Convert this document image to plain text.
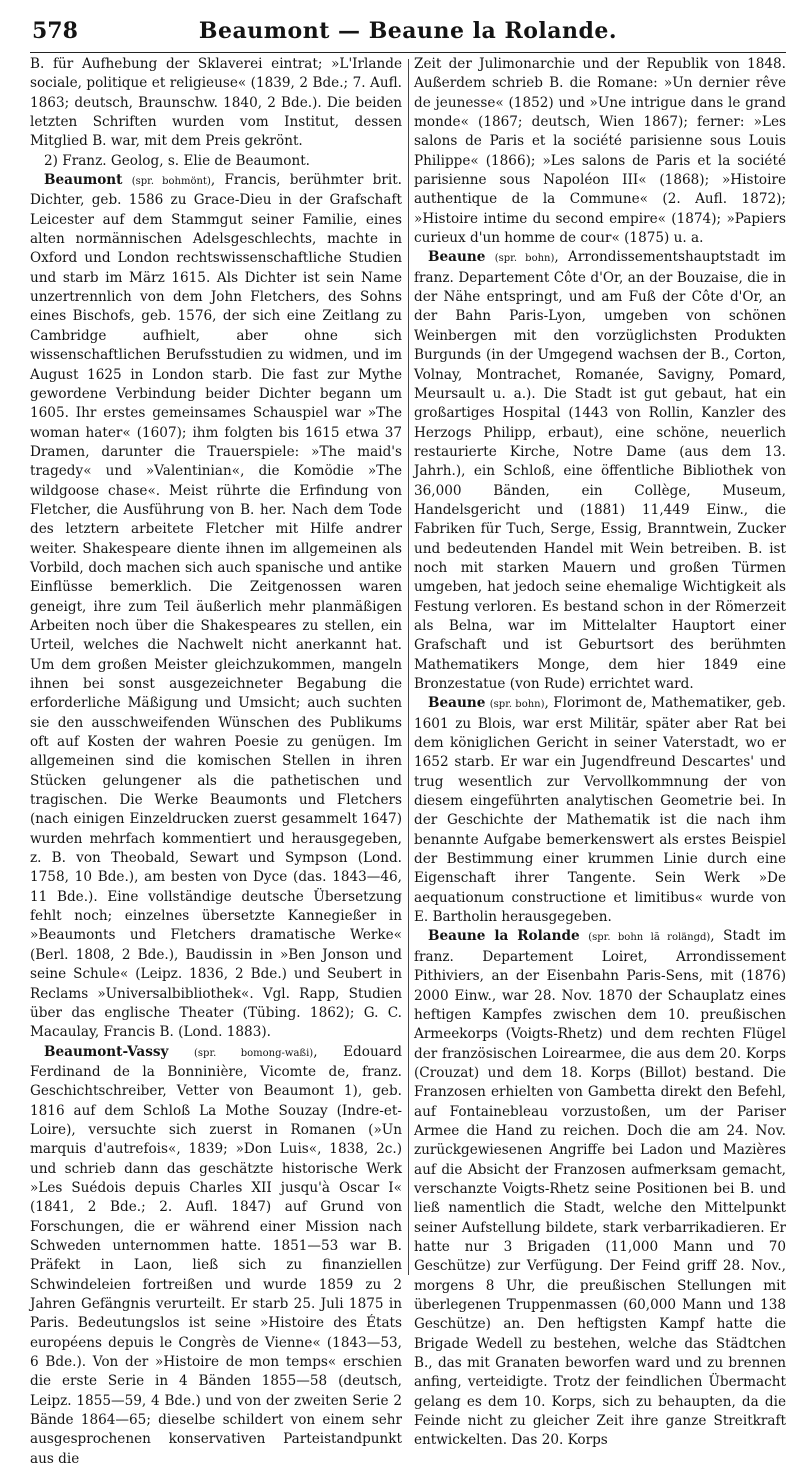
578	Beaumont — Beaune la Rolande.

B. für Aufhebung der Sklaverei eintrat; »L'Irlande sociale, politique et religieuse« (1839, 2 Bde.; 7. Aufl. 1863; deutsch, Braunschw. 1840, 2 Bde.). Die beiden letzten Schriften wurden vom Institut, dessen Mitglied B. war, mit dem Preis gekrönt.

2) Franz. Geolog, s. Elie de Beaumont.

Beaumont (spr. bohmönt), Francis, berühmter brit. Dichter, geb. 1586 zu Grace-Dieu in der Grafschaft Leicester auf dem Stammgut seiner Familie, eines alten normännischen Adelsgeschlechts, machte in Oxford und London rechtswissenschaftliche Studien und starb im März 1615. Als Dichter ist sein Name unzertrennlich von dem John Fletchers, des Sohns eines Bischofs, geb. 1576, der sich eine Zeitlang zu Cambridge aufhielt, aber ohne sich wissenschaftlichen Berufsstudien zu widmen, und im August 1625 in London starb. Die fast zur Mythe gewordene Verbindung beider Dichter begann um 1605. Ihr erstes gemeinsames Schauspiel war »The woman hater« (1607); ihm folgten bis 1615 etwa 37 Dramen, darunter die Trauerspiele: »The maid's tragedy« und »Valentinian«, die Komödie »The wildgoose chase«. Meist rührte die Erfindung von Fletcher, die Ausführung von B. her. Nach dem Tode des letztern arbeitete Fletcher mit Hilfe andrer weiter. Shakespeare diente ihnen im allgemeinen als Vorbild, doch machen sich auch spanische und antike Einflüsse bemerklich. Die Zeitgenossen waren geneigt, ihre zum Teil äußerlich mehr planmäßigen Arbeiten noch über die Shakespeares zu stellen, ein Urteil, welches die Nachwelt nicht anerkannt hat. Um dem großen Meister gleichzukommen, mangeln ihnen bei sonst ausgezeichneter Begabung die erforderliche Mäßigung und Umsicht; auch suchten sie den ausschweifenden Wünschen des Publikums oft auf Kosten der wahren Poesie zu genügen. Im allgemeinen sind die komischen Stellen in ihren Stücken gelungener als die pathetischen und tragischen. Die Werke Beaumonts und Fletchers (nach einigen Einzeldrucken zuerst gesammelt 1647) wurden mehrfach kommentiert und herausgegeben, z. B. von Theobald, Sewart und Sympson (Lond. 1758, 10 Bde.), am besten von Dyce (das. 1843—46, 11 Bde.). Eine vollständige deutsche Übersetzung fehlt noch; einzelnes übersetzte Kannegießer in »Beaumonts und Fletchers dramatische Werke« (Berl. 1808, 2 Bde.), Baudissin in »Ben Jonson und seine Schule« (Leipz. 1836, 2 Bde.) und Seubert in Reclams »Universalbibliothek«. Vgl. Rapp, Studien über das englische Theater (Tübing. 1862); G. C. Macaulay, Francis B. (Lond. 1883).

Beaumont-Vassy	(spr. bomong-waßi), Edouard Ferdinand de la Bonninière, Vicomte de, franz. Geschichtschreiber, Vetter von Beaumont 1), geb. 1816 auf dem Schloß La Mothe Souzay (Indre-et-Loire), versuchte sich zuerst in Romanen (»Un marquis d'autrefois«, 1839; »Don Luis«, 1838, 2c.) und schrieb dann das geschätzte historische Werk »Les Suédois depuis Charles XII jusqu'à Oscar I« (1841, 2 Bde.; 2. Aufl. 1847) auf Grund von Forschungen, die er während einer Mission nach Schweden unternommen hatte. 1851—53 war B. Präfekt in Laon, ließ sich zu finanziellen Schwindeleien fortreißen und wurde 1859 zu 2 Jahren Gefängnis verurteilt. Er starb 25. Juli 1875 in Paris. Bedeutungslos ist seine »Histoire des États européens depuis le Congrès de Vienne« (1843—53, 6 Bde.). Von der »Histoire de mon temps« erschien die erste Serie in 4 Bänden 1855—58 (deutsch, Leipz. 1855—59, 4 Bde.) und von der zweiten Serie 2 Bände 1864—65; dieselbe schildert von einem sehr ausgesprochenen konservativen Parteistandpunkt aus die

Zeit der Julimonarchie und der Republik von 1848. Außerdem schrieb B. die Romane: »Un dernier rêve de jeunesse« (1852) und »Une intrigue dans le grand monde« (1867; deutsch, Wien 1867); ferner: »Les salons de Paris et la société parisienne sous Louis Philippe« (1866); »Les salons de Paris et la société parisienne sous Napoléon III« (1868); »Histoire authentique de la Commune« (2. Aufl. 1872); »Histoire intime du second empire« (1874); »Papiers curieux d'un homme de cour« (1875) u. a.

Beaune (spr. bohn), Arrondissementshauptstadt im franz. Departement Côte d'Or, an der Bouzaise, die in der Nähe entspringt, und am Fuß der Côte d'Or, an der Bahn Paris-Lyon, umgeben von schönen Weinbergen mit den vorzüglichsten Produkten Burgunds (in der Umgegend wachsen der B., Corton, Volnay, Montrachet, Romanée, Savigny, Pomard, Meursault u. a.). Die Stadt ist gut gebaut, hat ein großartiges Hospital (1443 von Rollin, Kanzler des Herzogs Philipp, erbaut), eine schöne, neuerlich restaurierte Kirche, Notre Dame (aus dem 13. Jahrh.), ein Schloß, eine öffentliche Bibliothek von 36,000 Bänden, ein Collège, Museum, Handelsgericht und (1881) 11,449 Einw., die Fabriken für Tuch, Serge, Essig, Branntwein, Zucker und bedeutenden Handel mit Wein betreiben. B. ist noch mit starken Mauern und großen Türmen umgeben, hat jedoch seine ehemalige Wichtigkeit als Festung verloren. Es bestand schon in der Römerzeit als Belna, war im Mittelalter Hauptort einer Grafschaft und ist Geburtsort des berühmten Mathematikers Monge, dem hier 1849 eine Bronzestatue (von Rude) errichtet ward.

Beaune (spr. bohn), Florimont de, Mathematiker, geb. 1601 zu Blois, war erst Militär, später aber Rat bei dem königlichen Gericht in seiner Vaterstadt, wo er 1652 starb. Er war ein Jugendfreund Descartes' und trug wesentlich zur Vervollkommnung der von diesem eingeführten analytischen Geometrie bei. In der Geschichte der Mathematik ist die nach ihm benannte Aufgabe bemerkenswert als erstes Beispiel der Bestimmung einer krummen Linie durch eine Eigenschaft ihrer Tangente. Sein Werk »De aequationum constructione et limitibus« wurde von E. Bartholin herausgegeben.

Beaune la Rolande (spr. bohn lă rolängd), Stadt im franz. Departement Loiret, Arrondissement Pithiviers, an der Eisenbahn Paris-Sens, mit (1876) 2000 Einw., war 28. Nov. 1870 der Schauplatz eines heftigen Kampfes zwischen dem 10. preußischen Armeekorps (Voigts-Rhetz) und dem rechten Flügel der französischen Loirearmee, die aus dem 20. Korps (Crouzat) und dem 18. Korps (Billot) bestand. Die Franzosen erhielten von Gambetta direkt den Befehl, auf Fontainebleau vorzustoßen, um der Pariser Armee die Hand zu reichen. Doch die am 24. Nov. zurückgewiesenen Angriffe bei Ladon und Mazières auf die Absicht der Franzosen aufmerksam gemacht, verschanzte Voigts-Rhetz seine Positionen bei B. und ließ namentlich die Stadt, welche den Mittelpunkt seiner Aufstellung bildete, stark verbarrikadieren. Er hatte nur 3 Brigaden (11,000 Mann und 70 Geschütze) zur Verfügung. Der Feind griff 28. Nov., morgens 8 Uhr, die preußischen Stellungen mit überlegenen Truppenmassen (60,000 Mann und 138 Geschütze) an. Den heftigsten Kampf hatte die Brigade Wedell zu bestehen, welche das Städtchen B., das mit Granaten beworfen ward und zu brennen anfing, verteidigte. Trotz der feindlichen Übermacht gelang es dem 10. Korps, sich zu behaupten, da die Feinde nicht zu gleicher Zeit ihre ganze Streitkraft entwickelten. Das 20. Korps
